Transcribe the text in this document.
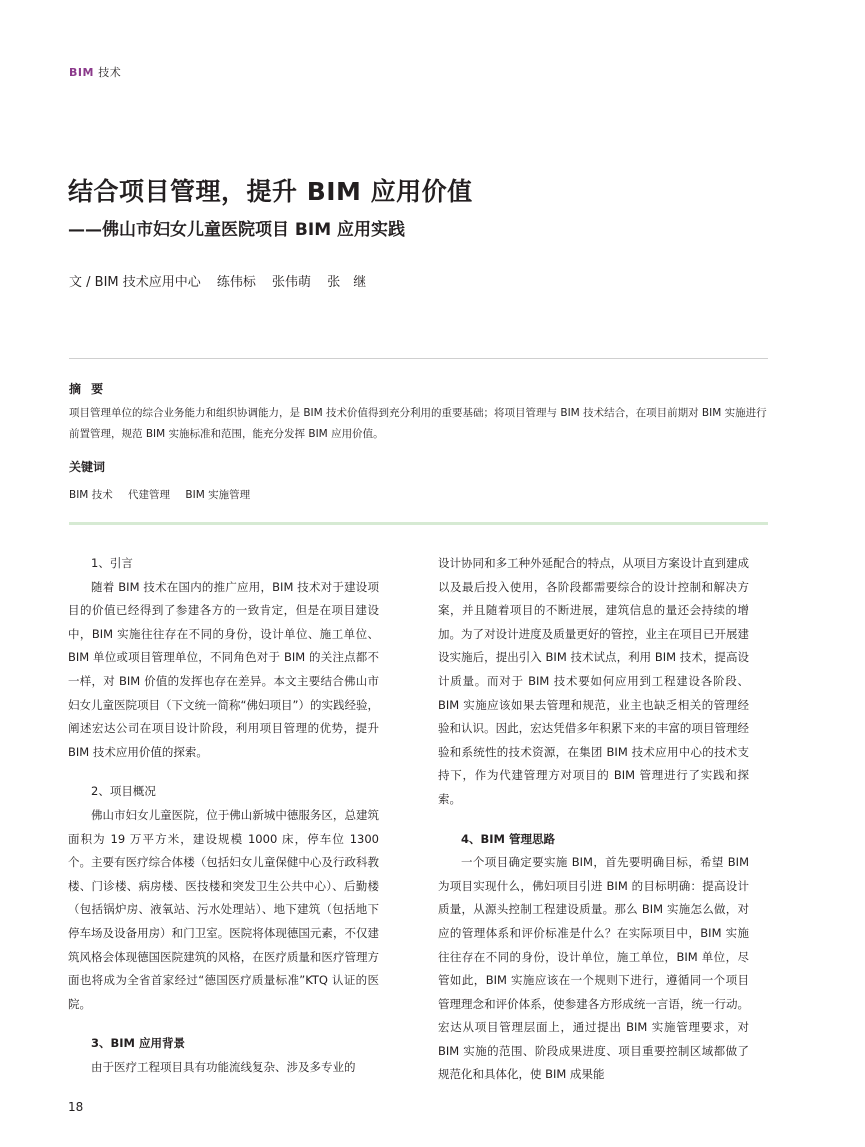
BIM 技术
结合项目管理，提升 BIM 应用价值
——佛山市妇女儿童医院项目 BIM 应用实践
文 / BIM 技术应用中心 练伟标 张伟萌 张　继
摘 要
项目管理单位的综合业务能力和组织协调能力，是 BIM 技术价值得到充分利用的重要基础；将项目管理与 BIM 技术结合，在项目前期对 BIM 实施进行前置管理，规范 BIM 实施标准和范围，能充分发挥 BIM 应用价值。
关键词
BIM 技术 代建管理 BIM 实施管理
1、引言

随着 BIM 技术在国内的推广应用，BIM 技术对于建设项目的价值已经得到了参建各方的一致肯定，但是在项目建设中，BIM 实施往往存在不同的身份，设计单位、施工单位、BIM 单位或项目管理单位，不同角色对于 BIM 的关注点都不一样，对 BIM 价值的发挥也存在差异。本文主要结合佛山市妇女儿童医院项目（下文统一简称“佛妇项目”）的实践经验，阐述宏达公司在项目设计阶段，利用项目管理的优势，提升 BIM 技术应用价值的探索。

2、项目概况

佛山市妇女儿童医院，位于佛山新城中德服务区，总建筑面积为 19 万平方米，建设规模 1000 床，停车位 1300 个。主要有医疗综合体楼（包括妇女儿童保健中心及行政科教楼、门诊楼、病房楼、医技楼和突发卫生公共中心）、后勤楼（包括锅炉房、液氧站、污水处理站）、地下建筑（包括地下停车场及设备用房）和门卫室。医院将体现德国元素，不仅建筑风格会体现德国医院建筑的风格，在医疗质量和医疗管理方面也将成为全省首家经过“德国医疗质量标准”KTQ 认证的医院。

3、BIM 应用背景

由于医疗工程项目具有功能流线复杂、涉及多专业的

设计协同和多工种外延配合的特点，从项目方案设计直到建成以及最后投入使用，各阶段都需要综合的设计控制和解决方案，并且随着项目的不断进展，建筑信息的量还会持续的增加。为了对设计进度及质量更好的管控，业主在项目已开展建设实施后，提出引入 BIM 技术试点，利用 BIM 技术，提高设计质量。而对于 BIM 技术要如何应用到工程建设各阶段、BIM 实施应该如果去管理和规范，业主也缺乏相关的管理经验和认识。因此，宏达凭借多年积累下来的丰富的项目管理经验和系统性的技术资源，在集团 BIM 技术应用中心的技术支持下，作为代建管理方对项目的 BIM 管理进行了实践和探索。

4、BIM 管理思路

一个项目确定要实施 BIM，首先要明确目标，希望 BIM 为项目实现什么，佛妇项目引进 BIM 的目标明确：提高设计质量，从源头控制工程建设质量。那么 BIM 实施怎么做，对应的管理体系和评价标准是什么？在实际项目中，BIM 实施往往存在不同的身份，设计单位，施工单位，BIM 单位，尽管如此，BIM 实施应该在一个规则下进行，遵循同一个项目管理理念和评价体系，使参建各方形成统一言语，统一行动。宏达从项目管理层面上，通过提出 BIM 实施管理要求，对 BIM 实施的范围、阶段成果进度、项目重要控制区域都做了规范化和具体化，使 BIM 成果能

18
